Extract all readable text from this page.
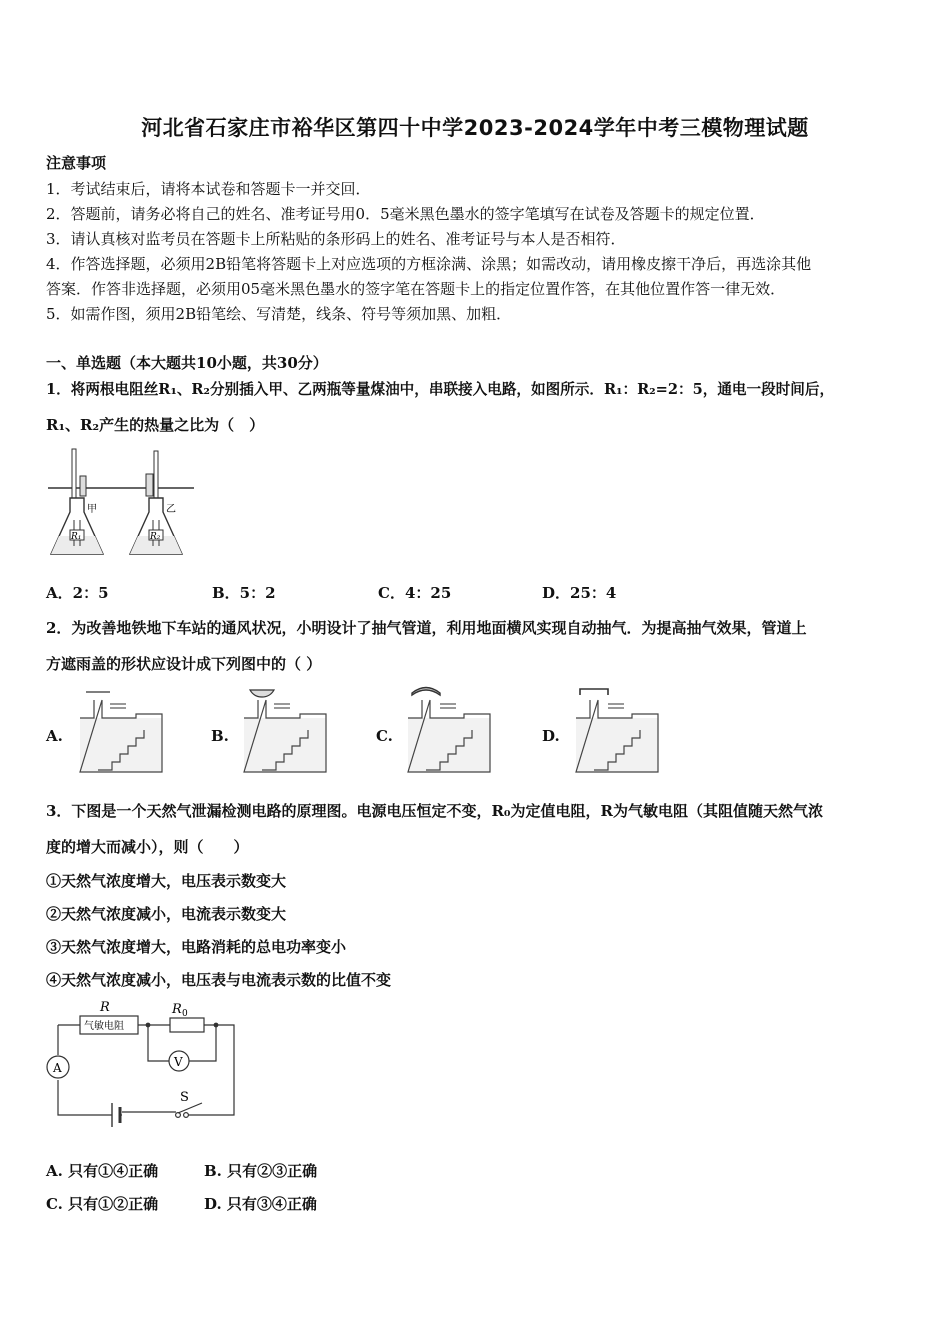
河北省石家庄市裕华区第四十中学2023-2024学年中考三模物理试题
注意事项
1．考试结束后，请将本试卷和答题卡一并交回．
2．答题前，请务必将自己的姓名、准考证号用0．5毫米黑色墨水的签字笔填写在试卷及答题卡的规定位置．
3．请认真核对监考员在答题卡上所粘贴的条形码上的姓名、准考证号与本人是否相符．
4．作答选择题，必须用2B铅笔将答题卡上对应选项的方框涂满、涂黑；如需改动，请用橡皮擦干净后，再选涂其他
答案．作答非选择题，必须用05毫米黑色墨水的签字笔在答题卡上的指定位置作答，在其他位置作答一律无效．
5．如需作图，须用2B铅笔绘、写清楚，线条、符号等须加黑、加粗．
一、单选题（本大题共10小题，共30分）
1．将两根电阻丝R₁、R₂分别插入甲、乙两瓶等量煤油中，串联接入电路，如图所示．R₁：R₂=2：5，通电一段时间后，
R₁、R₂产生的热量之比为（　）
R₁
甲
R₂
乙
A．2：5	B．5：2	C．4：25	D．25：4
2．为改善地铁地下车站的通风状况，小明设计了抽气管道，利用地面横风实现自动抽气．为提高抽气效果，管道上
方遮雨盖的形状应设计成下列图中的（ ）
A.	B.	C.	D.
3．下图是一个天然气泄漏检测电路的原理图。电源电压恒定不变，R₀为定值电阻，R为气敏电阻（其阻值随天然气浓
度的增大而减小），则（　　）
①天然气浓度增大，电压表示数变大
②天然气浓度减小，电流表示数变大
③天然气浓度增大，电路消耗的总电功率变小
④天然气浓度减小，电压表与电流表示数的比值不变
气敏电阻
R	R 0
V
A
S
A. 只有①④正确	B. 只有②③正确
C. 只有①②正确	D. 只有③④正确
